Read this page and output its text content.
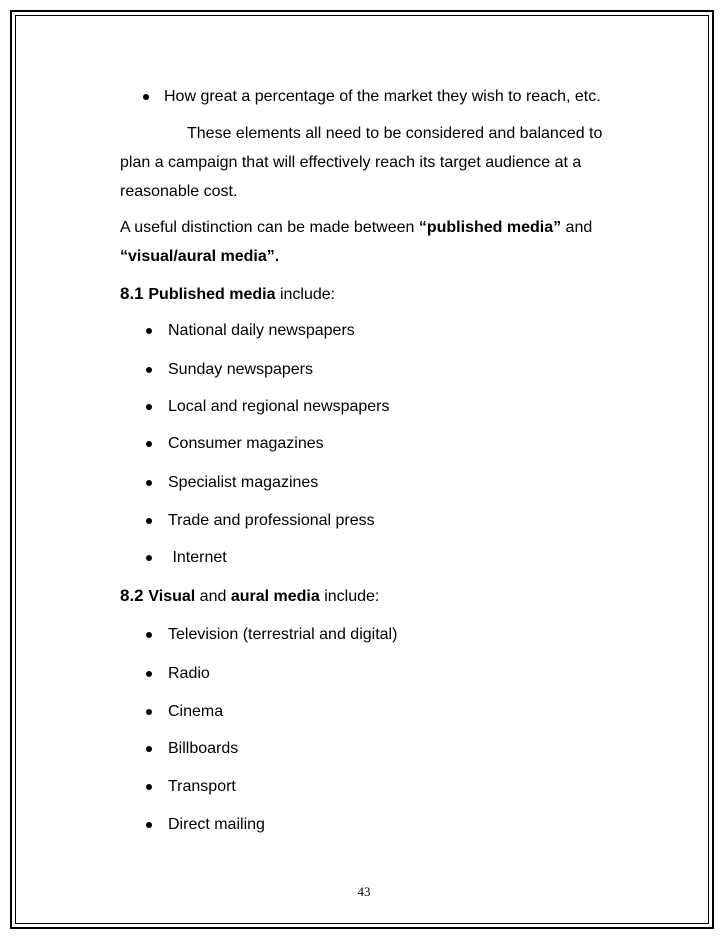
How great a percentage of the market they wish to reach, etc.
These elements all need to be considered and balanced to
plan a campaign that will effectively reach its target audience at a
reasonable cost.
A useful distinction can be made between “published media” and
“visual/aural media”.
8.1 Published media include:
National daily newspapers
Sunday newspapers
Local and regional newspapers
Consumer magazines
Specialist magazines
Trade and professional press
Internet
8.2 Visual and aural media include:
Television (terrestrial and digital)
Radio
Cinema
Billboards
Transport
Direct mailing
43
